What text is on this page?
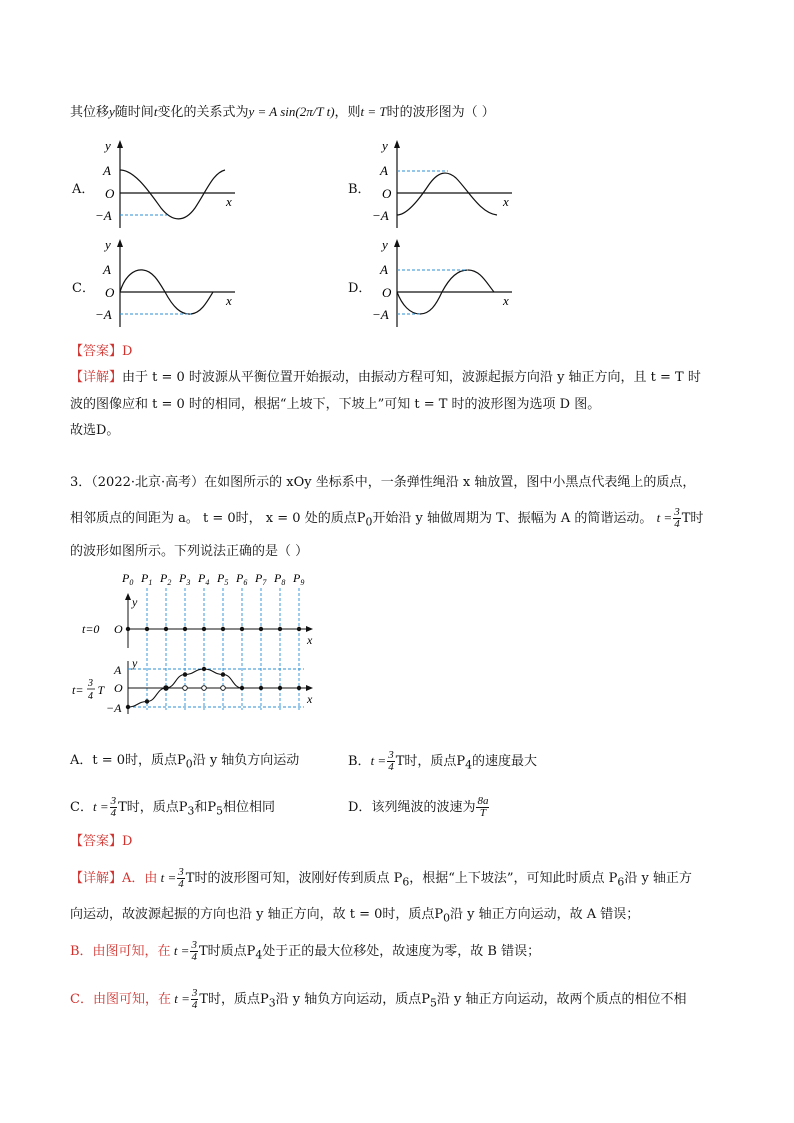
其位移y随时间t变化的关系式为y = A sin(2π/T t)，则t = T时的波形图为（ ）
A．	B．
C．	D．
y
A
O
−A
x
y
A
O
−A
x
y
A
O
−A
x
y
A
O
−A
x
【答案】D
【详解】由于 t = 0 时波源从平衡位置开始振动，由振动方程可知，波源起振方向沿 y 轴正方向，且 t = T 时
波的图像应和 t = 0 时的相同，根据“上坡下，下坡上”可知 t = T 时的波形图为选项 D 图。
故选D。
3．（2022·北京·高考）在如图所示的 xOy 坐标系中，一条弹性绳沿 x 轴放置，图中小黑点代表绳上的质点，
相邻质点的间距为 a。 t = 0时， x = 0 处的质点$P_0$开始沿 y 轴做周期为 T、振幅为 A 的简谐运动。 $t = \frac{3}{4}$ T时
的波形如图所示。下列说法正确的是（ ）
$P_0$ $P_1$ $P_2$ $P_3$ $P_4$ $P_5$ $P_6$ $P_7$ $P_8$ $P_9$
y
t=0 O
x
y
A
O
−A
x
t= T
3
4
A．t = 0时，质点$P_0$沿 y 轴负方向运动	B．$t = \frac{3}{4}$ T时，质点$P_4$的速度最大
C．$t = \frac{3}{4}$ T时，质点$P_3$和$P_5$相位相同	D．该列绳波的波速为 $\frac{8a}{T}$
【答案】D
【详解】A．由 $t = \frac{3}{4}$ T时的波形图可知，波刚好传到质点 $P_6$，根据“上下坡法”，可知此时质点 $P_6$沿 y 轴正方
向运动，故波源起振的方向也沿 y 轴正方向，故 t = 0时，质点$P_0$沿 y 轴正方向运动，故 A 错误；
B．由图可知，在 $t = \frac{3}{4}$ T时质点$P_4$处于正的最大位移处，故速度为零，故 B 错误；
C．由图可知，在 $t = \frac{3}{4}$ T时，质点$P_3$沿 y 轴负方向运动，质点$P_5$沿 y 轴正方向运动，故两个质点的相位不相
